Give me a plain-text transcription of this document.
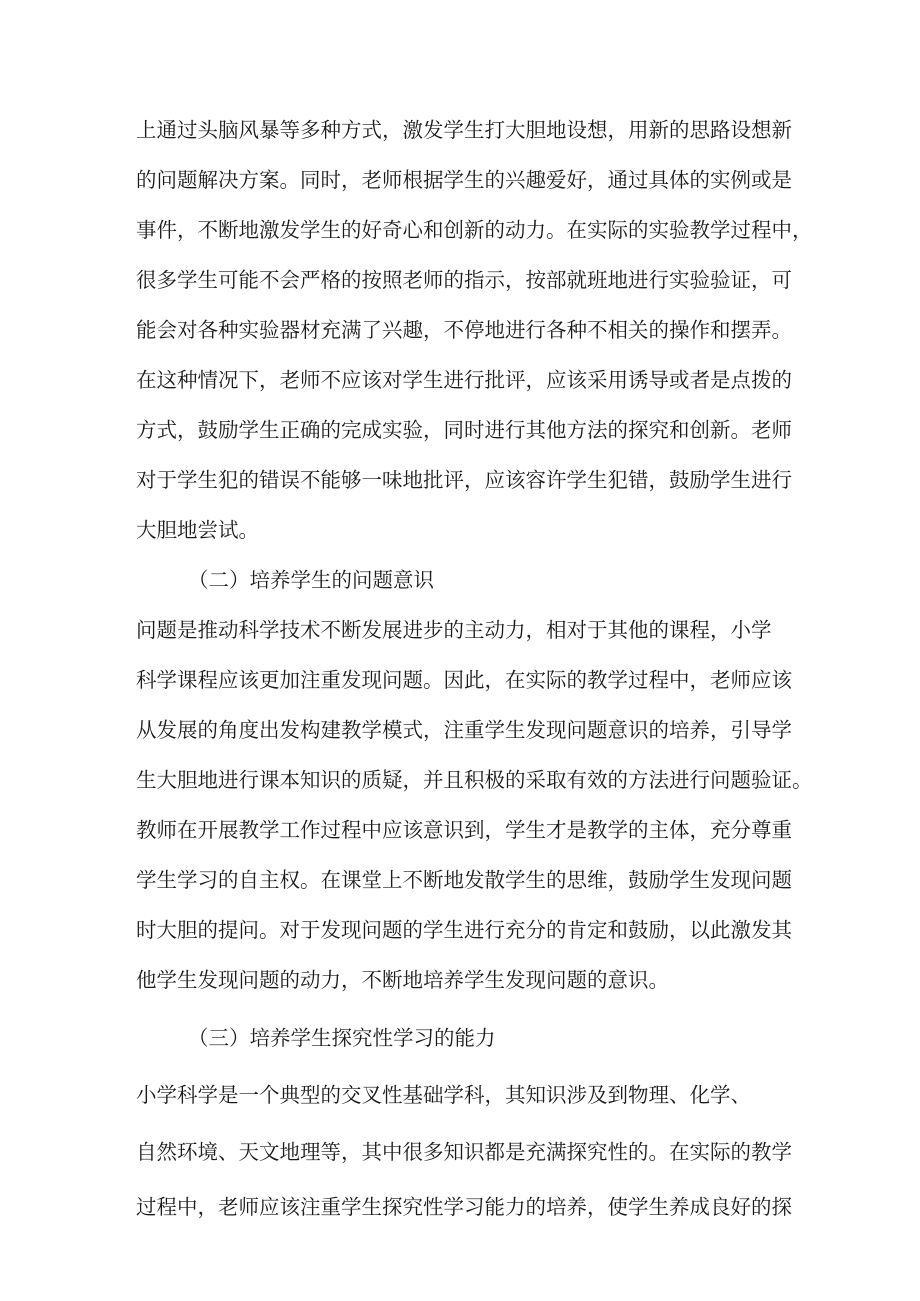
上通过头脑风暴等多种方式，激发学生打大胆地设想，用新的思路设想新
的问题解决方案。同时，老师根据学生的兴趣爱好，通过具体的实例或是
事件，不断地激发学生的好奇心和创新的动力。在实际的实验教学过程中，
很多学生可能不会严格的按照老师的指示，按部就班地进行实验验证，可
能会对各种实验器材充满了兴趣，不停地进行各种不相关的操作和摆弄。
在这种情况下，老师不应该对学生进行批评，应该采用诱导或者是点拨的
方式，鼓励学生正确的完成实验，同时进行其他方法的探究和创新。老师
对于学生犯的错误不能够一味地批评，应该容许学生犯错，鼓励学生进行
大胆地尝试。
（二）培养学生的问题意识
问题是推动科学技术不断发展进步的主动力，相对于其他的课程，小学
科学课程应该更加注重发现问题。因此，在实际的教学过程中，老师应该
从发展的角度出发构建教学模式，注重学生发现问题意识的培养，引导学
生大胆地进行课本知识的质疑，并且积极的采取有效的方法进行问题验证。
教师在开展教学工作过程中应该意识到，学生才是教学的主体，充分尊重
学生学习的自主权。在课堂上不断地发散学生的思维，鼓励学生发现问题
时大胆的提问。对于发现问题的学生进行充分的肯定和鼓励，以此激发其
他学生发现问题的动力，不断地培养学生发现问题的意识。
（三）培养学生探究性学习的能力
小学科学是一个典型的交叉性基础学科，其知识涉及到物理、化学、
自然环境、天文地理等，其中很多知识都是充满探究性的。在实际的教学
过程中，老师应该注重学生探究性学习能力的培养，使学生养成良好的探
